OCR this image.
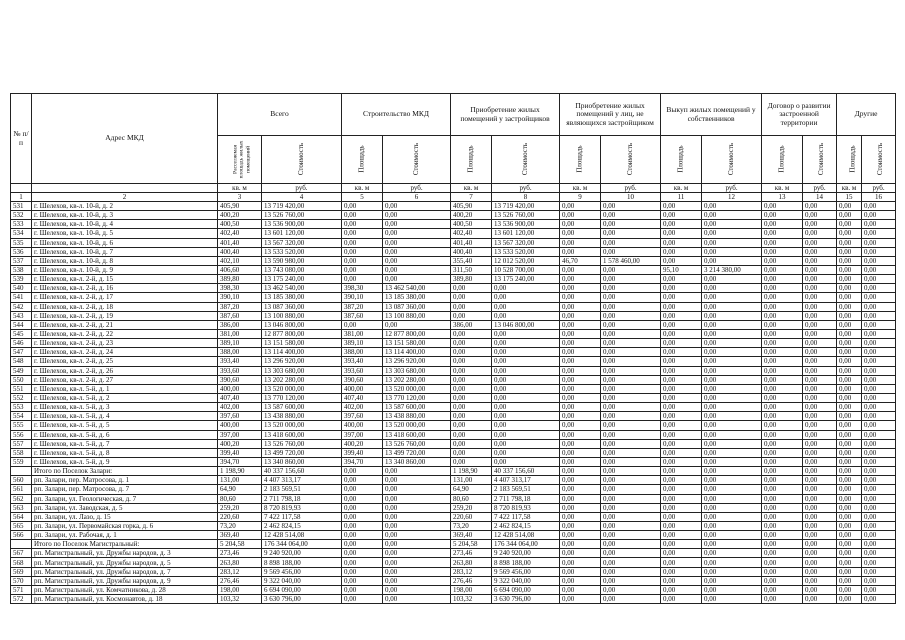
№ п/п	Адрес МКД	Всего		Строительство МКД		Приобретение жилых помещений у застройщиков		Приобретение жилых помещений у лиц, не являющихся застройщиком		Выкуп жилых помещений у собственников		Договор о развитии застроенной территории		Другие	
		Расселяемая площадь жилых помещений	Стоимость	Площадь	Стоимость	Площадь	Стоимость	Площадь	Стоимость	Площадь	Стоимость	Площадь	Стоимость	Площадь	Стоимость
		кв. м	руб.	кв. м	руб.	кв. м	руб.	кв. м	руб.	кв. м	руб.	кв. м	руб.	кв. м	руб.
1	2	3	4	5	6	7	8	9	10	11	12	13	14	15	16
531	г. Шелехов, кв-л. 10-й, д. 2	405,90	13 719 420,00	0,00	0,00	405,90	13 719 420,00	0,00	0,00	0,00	0,00	0,00	0,00	0,00	0,00
532	г. Шелехов, кв-л. 10-й, д. 3	400,20	13 526 760,00	0,00	0,00	400,20	13 526 760,00	0,00	0,00	0,00	0,00	0,00	0,00	0,00	0,00
533	г. Шелехов, кв-л. 10-й, д. 4	400,50	13 536 900,00	0,00	0,00	400,50	13 536 900,00	0,00	0,00	0,00	0,00	0,00	0,00	0,00	0,00
534	г. Шелехов, кв-л. 10-й, д. 5	402,40	13 601 120,00	0,00	0,00	402,40	13 601 120,00	0,00	0,00	0,00	0,00	0,00	0,00	0,00	0,00
535	г. Шелехов, кв-л. 10-й, д. 6	401,40	13 567 320,00	0,00	0,00	401,40	13 567 320,00	0,00	0,00	0,00	0,00	0,00	0,00	0,00	0,00
536	г. Шелехов, кв-л. 10-й, д. 7	400,40	13 533 520,00	0,00	0,00	400,40	13 533 520,00	0,00	0,00	0,00	0,00	0,00	0,00	0,00	0,00
537	г. Шелехов, кв-л. 10-й, д. 8	402,10	13 590 980,00	0,00	0,00	355,40	12 012 520,00	46,70	1 578 460,00	0,00	0,00	0,00	0,00	0,00	0,00
538	г. Шелехов, кв-л. 10-й, д. 9	406,60	13 743 080,00	0,00	0,00	311,50	10 528 700,00	0,00	0,00	95,10	3 214 380,00	0,00	0,00	0,00	0,00
539	г. Шелехов, кв-л. 2-й, д. 15	389,80	13 175 240,00	0,00	0,00	389,80	13 175 240,00	0,00	0,00	0,00	0,00	0,00	0,00	0,00	0,00
540	г. Шелехов, кв-л. 2-й, д. 16	398,30	13 462 540,00	398,30	13 462 540,00	0,00	0,00	0,00	0,00	0,00	0,00	0,00	0,00	0,00	0,00
541	г. Шелехов, кв-л. 2-й, д. 17	390,10	13 185 380,00	390,10	13 185 380,00	0,00	0,00	0,00	0,00	0,00	0,00	0,00	0,00	0,00	0,00
542	г. Шелехов, кв-л. 2-й, д. 18	387,20	13 087 360,00	387,20	13 087 360,00	0,00	0,00	0,00	0,00	0,00	0,00	0,00	0,00	0,00	0,00
543	г. Шелехов, кв-л. 2-й, д. 19	387,60	13 100 880,00	387,60	13 100 880,00	0,00	0,00	0,00	0,00	0,00	0,00	0,00	0,00	0,00	0,00
544	г. Шелехов, кв-л. 2-й, д. 21	386,00	13 046 800,00	0,00	0,00	386,00	13 046 800,00	0,00	0,00	0,00	0,00	0,00	0,00	0,00	0,00
545	г. Шелехов, кв-л. 2-й, д. 22	381,00	12 877 800,00	381,00	12 877 800,00	0,00	0,00	0,00	0,00	0,00	0,00	0,00	0,00	0,00	0,00
546	г. Шелехов, кв-л. 2-й, д. 23	389,10	13 151 580,00	389,10	13 151 580,00	0,00	0,00	0,00	0,00	0,00	0,00	0,00	0,00	0,00	0,00
547	г. Шелехов, кв-л. 2-й, д. 24	388,00	13 114 400,00	388,00	13 114 400,00	0,00	0,00	0,00	0,00	0,00	0,00	0,00	0,00	0,00	0,00
548	г. Шелехов, кв-л. 2-й, д. 25	393,40	13 296 920,00	393,40	13 296 920,00	0,00	0,00	0,00	0,00	0,00	0,00	0,00	0,00	0,00	0,00
549	г. Шелехов, кв-л. 2-й, д. 26	393,60	13 303 680,00	393,60	13 303 680,00	0,00	0,00	0,00	0,00	0,00	0,00	0,00	0,00	0,00	0,00
550	г. Шелехов, кв-л. 2-й, д. 27	390,60	13 202 280,00	390,60	13 202 280,00	0,00	0,00	0,00	0,00	0,00	0,00	0,00	0,00	0,00	0,00
551	г. Шелехов, кв-л. 5-й, д. 1	400,00	13 520 000,00	400,00	13 520 000,00	0,00	0,00	0,00	0,00	0,00	0,00	0,00	0,00	0,00	0,00
552	г. Шелехов, кв-л. 5-й, д. 2	407,40	13 770 120,00	407,40	13 770 120,00	0,00	0,00	0,00	0,00	0,00	0,00	0,00	0,00	0,00	0,00
553	г. Шелехов, кв-л. 5-й, д. 3	402,00	13 587 600,00	402,00	13 587 600,00	0,00	0,00	0,00	0,00	0,00	0,00	0,00	0,00	0,00	0,00
554	г. Шелехов, кв-л. 5-й, д. 4	397,60	13 438 880,00	397,60	13 438 880,00	0,00	0,00	0,00	0,00	0,00	0,00	0,00	0,00	0,00	0,00
555	г. Шелехов, кв-л. 5-й, д. 5	400,00	13 520 000,00	400,00	13 520 000,00	0,00	0,00	0,00	0,00	0,00	0,00	0,00	0,00	0,00	0,00
556	г. Шелехов, кв-л. 5-й, д. 6	397,00	13 418 600,00	397,00	13 418 600,00	0,00	0,00	0,00	0,00	0,00	0,00	0,00	0,00	0,00	0,00
557	г. Шелехов, кв-л. 5-й, д. 7	400,20	13 526 760,00	400,20	13 526 760,00	0,00	0,00	0,00	0,00	0,00	0,00	0,00	0,00	0,00	0,00
558	г. Шелехов, кв-л. 5-й, д. 8	399,40	13 499 720,00	399,40	13 499 720,00	0,00	0,00	0,00	0,00	0,00	0,00	0,00	0,00	0,00	0,00
559	г. Шелехов, кв-л. 5-й, д. 9	394,70	13 340 860,00	394,70	13 340 860,00	0,00	0,00	0,00	0,00	0,00	0,00	0,00	0,00	0,00	0,00
	Итого по Поселок Залари:	1 198,90	40 337 156,60	0,00	0,00	1 198,90	40 337 156,60	0,00	0,00	0,00	0,00	0,00	0,00	0,00	0,00
560	рп. Залари, пер. Матросова, д. 1	131,00	4 407 313,17	0,00	0,00	131,00	4 407 313,17	0,00	0,00	0,00	0,00	0,00	0,00	0,00	0,00
561	рп. Залари, пер. Матросова, д. 7	64,90	2 183 569,51	0,00	0,00	64,90	2 183 569,51	0,00	0,00	0,00	0,00	0,00	0,00	0,00	0,00
562	рп. Залари, ул. Геологическая, д. 7	80,60	2 711 798,18	0,00	0,00	80,60	2 711 798,18	0,00	0,00	0,00	0,00	0,00	0,00	0,00	0,00
563	рп. Залари, ул. Заводская, д. 5	259,20	8 720 819,93	0,00	0,00	259,20	8 720 819,93	0,00	0,00	0,00	0,00	0,00	0,00	0,00	0,00
564	рп. Залари, ул. Лазо, д. 15	220,60	7 422 117,58	0,00	0,00	220,60	7 422 117,58	0,00	0,00	0,00	0,00	0,00	0,00	0,00	0,00
565	рп. Залари, ул. Первомайская горка, д. 6	73,20	2 462 824,15	0,00	0,00	73,20	2 462 824,15	0,00	0,00	0,00	0,00	0,00	0,00	0,00	0,00
566	рп. Залари, ул. Рабочая, д. 1	369,40	12 428 514,08	0,00	0,00	369,40	12 428 514,08	0,00	0,00	0,00	0,00	0,00	0,00	0,00	0,00
	Итого по Поселок Магистральный:	5 204,58	176 344 064,00	0,00	0,00	5 204,58	176 344 064,00	0,00	0,00	0,00	0,00	0,00	0,00	0,00	0,00
567	рп. Магистральный, ул. Дружбы народов, д. 3	273,46	9 240 920,00	0,00	0,00	273,46	9 240 920,00	0,00	0,00	0,00	0,00	0,00	0,00	0,00	0,00
568	рп. Магистральный, ул. Дружбы народов, д. 5	263,80	8 898 188,00	0,00	0,00	263,80	8 898 188,00	0,00	0,00	0,00	0,00	0,00	0,00	0,00	0,00
569	рп. Магистральный, ул. Дружбы народов, д. 7	283,12	9 569 456,00	0,00	0,00	283,12	9 569 456,00	0,00	0,00	0,00	0,00	0,00	0,00	0,00	0,00
570	рп. Магистральный, ул. Дружбы народов, д. 9	276,46	9 322 040,00	0,00	0,00	276,46	9 322 040,00	0,00	0,00	0,00	0,00	0,00	0,00	0,00	0,00
571	рп. Магистральный, ул. Комчатникова, д. 28	198,00	6 694 090,00	0,00	0,00	198,00	6 694 090,00	0,00	0,00	0,00	0,00	0,00	0,00	0,00	0,00
572	рп. Магистральный, ул. Космонавтов, д. 18	103,32	3 630 796,00	0,00	0,00	103,32	3 630 796,00	0,00	0,00	0,00	0,00	0,00	0,00	0,00	0,00
